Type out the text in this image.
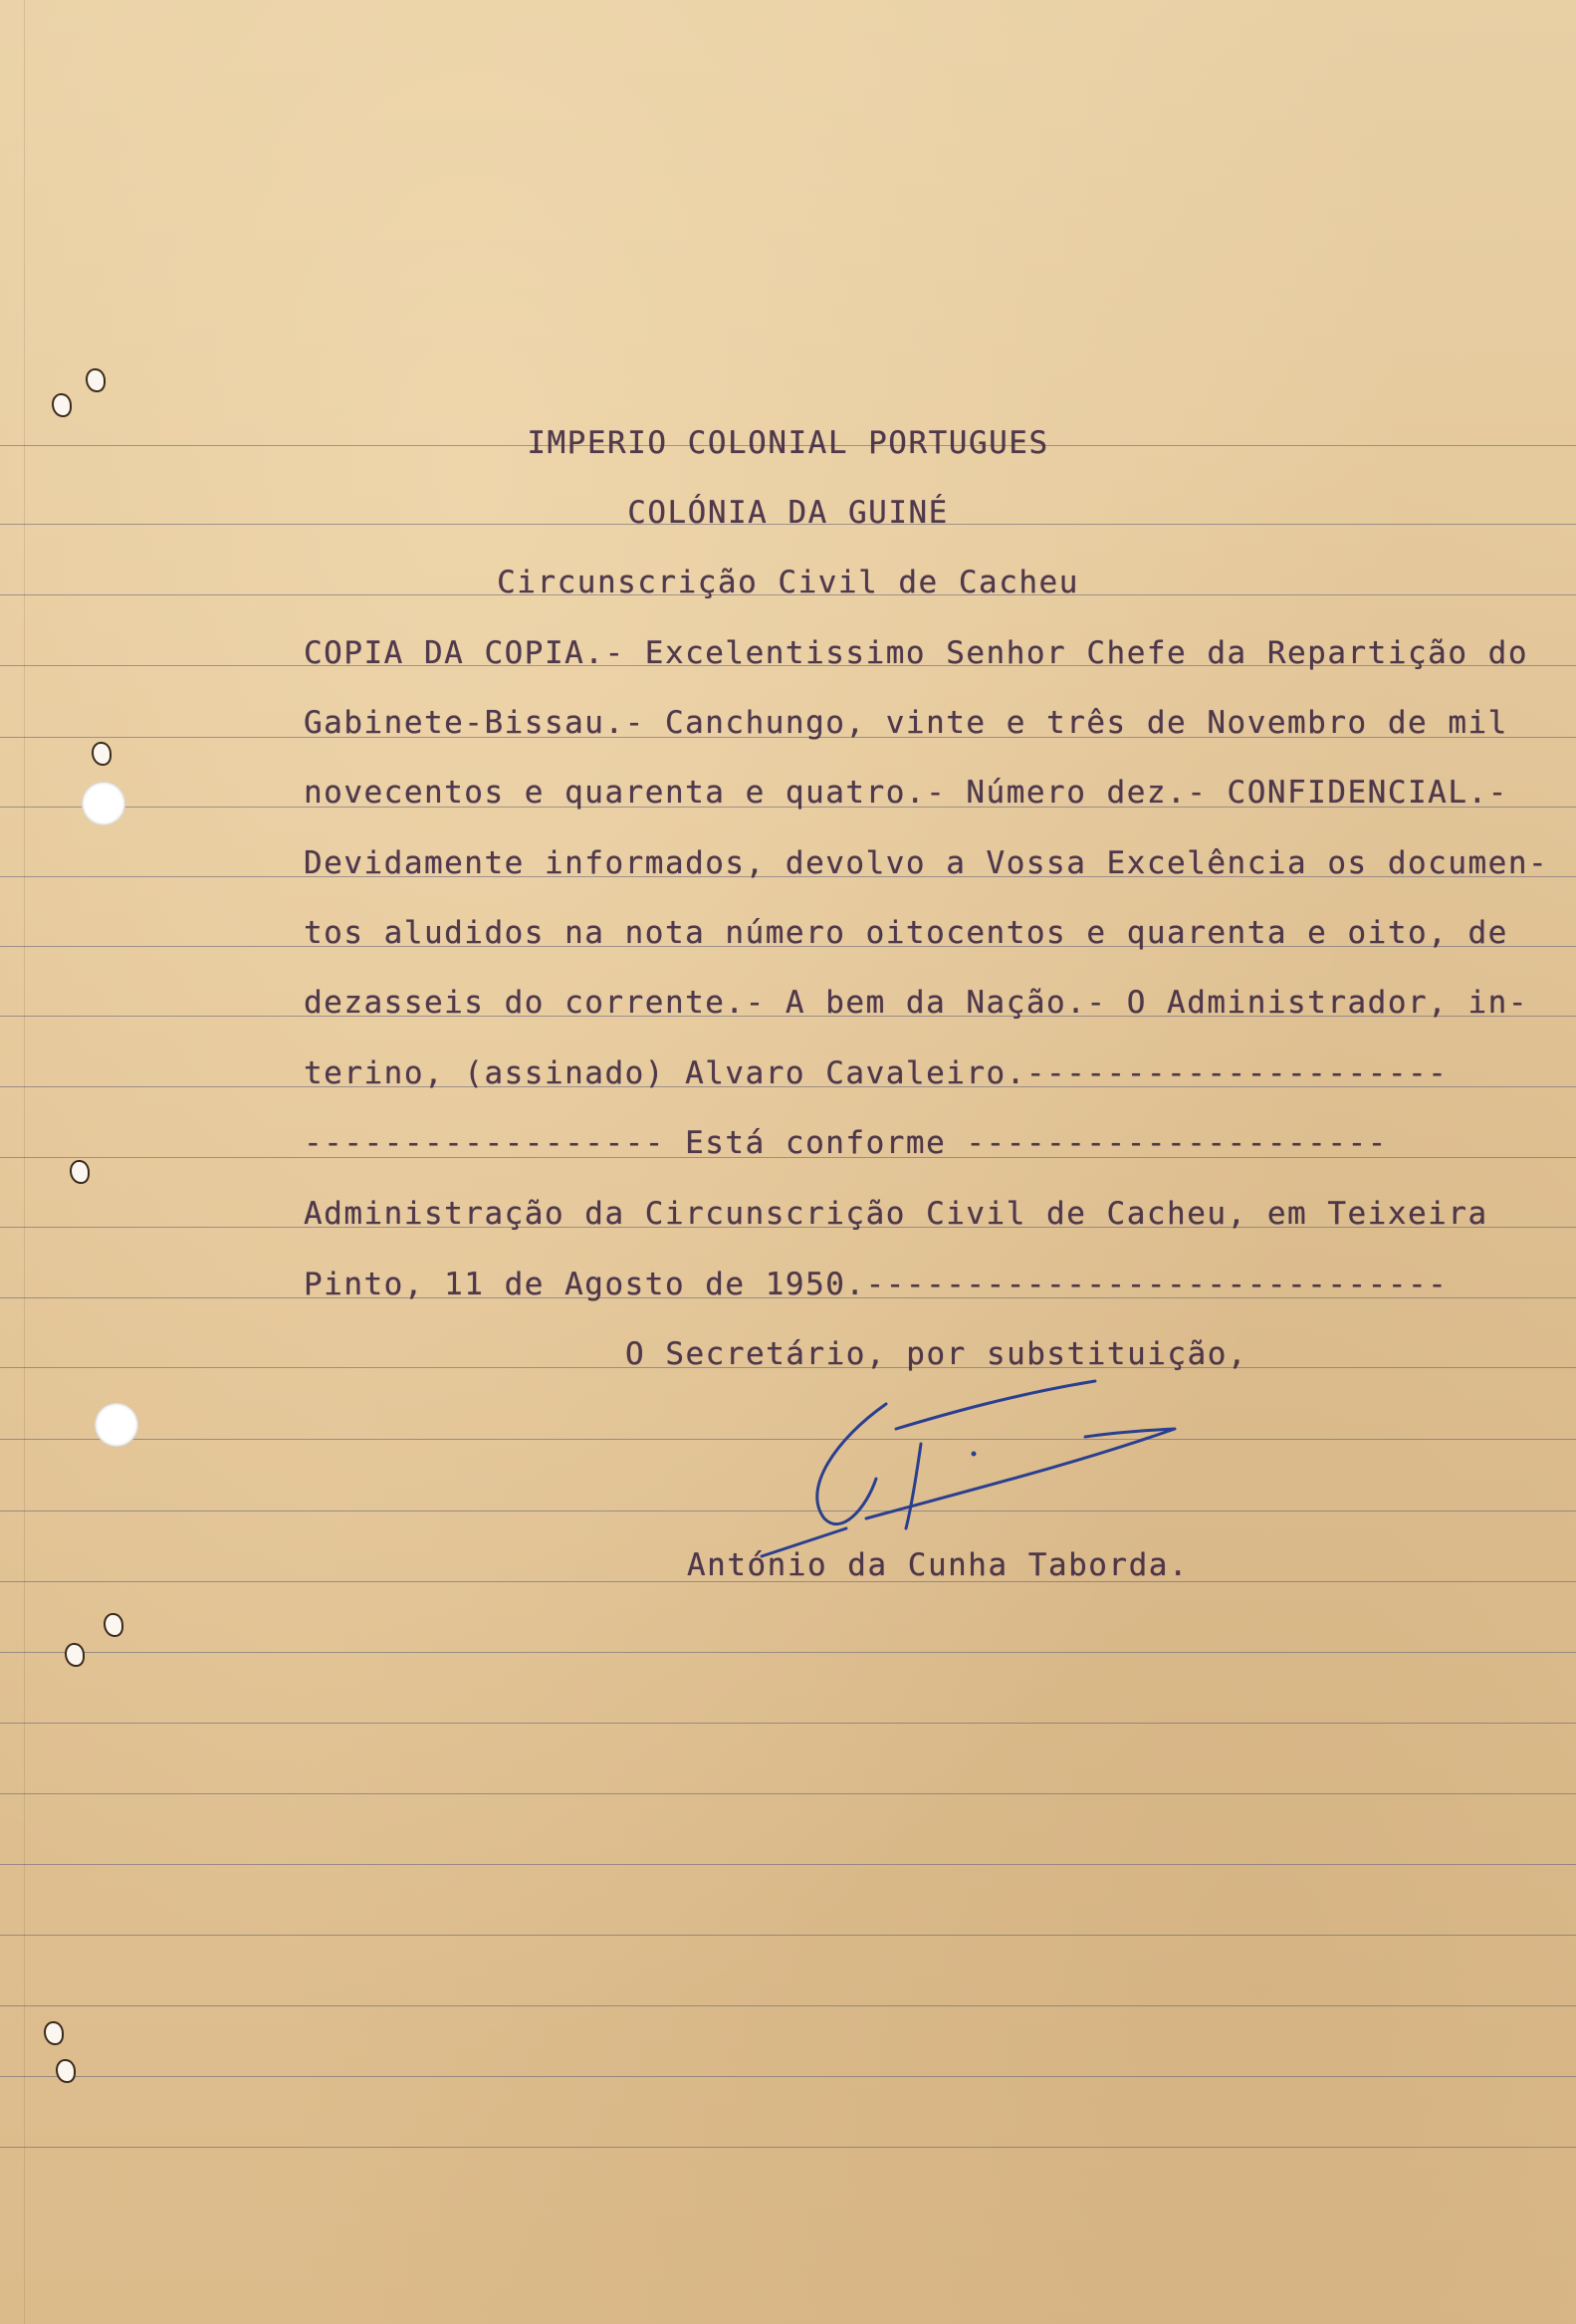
IMPERIO COLONIAL PORTUGUES
COLÓNIA DA GUINÉ
Circunscrição Civil de Cacheu
COPIA DA COPIA.- Excelentissimo Senhor Chefe da Repartição do
Gabinete-Bissau.- Canchungo, vinte e três de Novembro de mil
novecentos e quarenta e quatro.- Número dez.- CONFIDENCIAL.-
Devidamente informados, devolvo a Vossa Excelência os documen-
tos aludidos na nota número oitocentos e quarenta e oito, de
dezasseis do corrente.- A bem da Nação.- O Administrador, in-
terino, (assinado) Alvaro Cavaleiro.---------------------
------------------ Está conforme ---------------------
Administração da Circunscrição Civil de Cacheu, em Teixeira
Pinto, 11 de Agosto de 1950.-----------------------------
O Secretário, por substituição,
António da Cunha Taborda.
